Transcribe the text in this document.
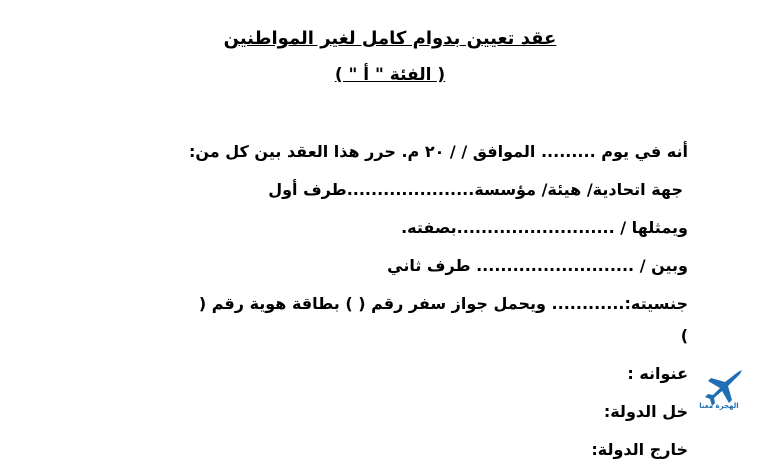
عقد تعيين بدوام كامل لغير المواطنين
( الفئة " أ " )
أنه في يوم ......... الموافق / / ٢٠ م. حرر هذا العقد بين كل من:
جهة اتحادية/ هيئة/ مؤسسة.....................طرف أول
ويمثلها / ..........................بصفته.
وبين / .......................... طرف ثاني
جنسيته:............ ويحمل جواز سفر رقم ( ) بطاقة هوية رقم (
)
عنوانه :
خل الدولة:
خارج الدولة:
الهجرة معنا
